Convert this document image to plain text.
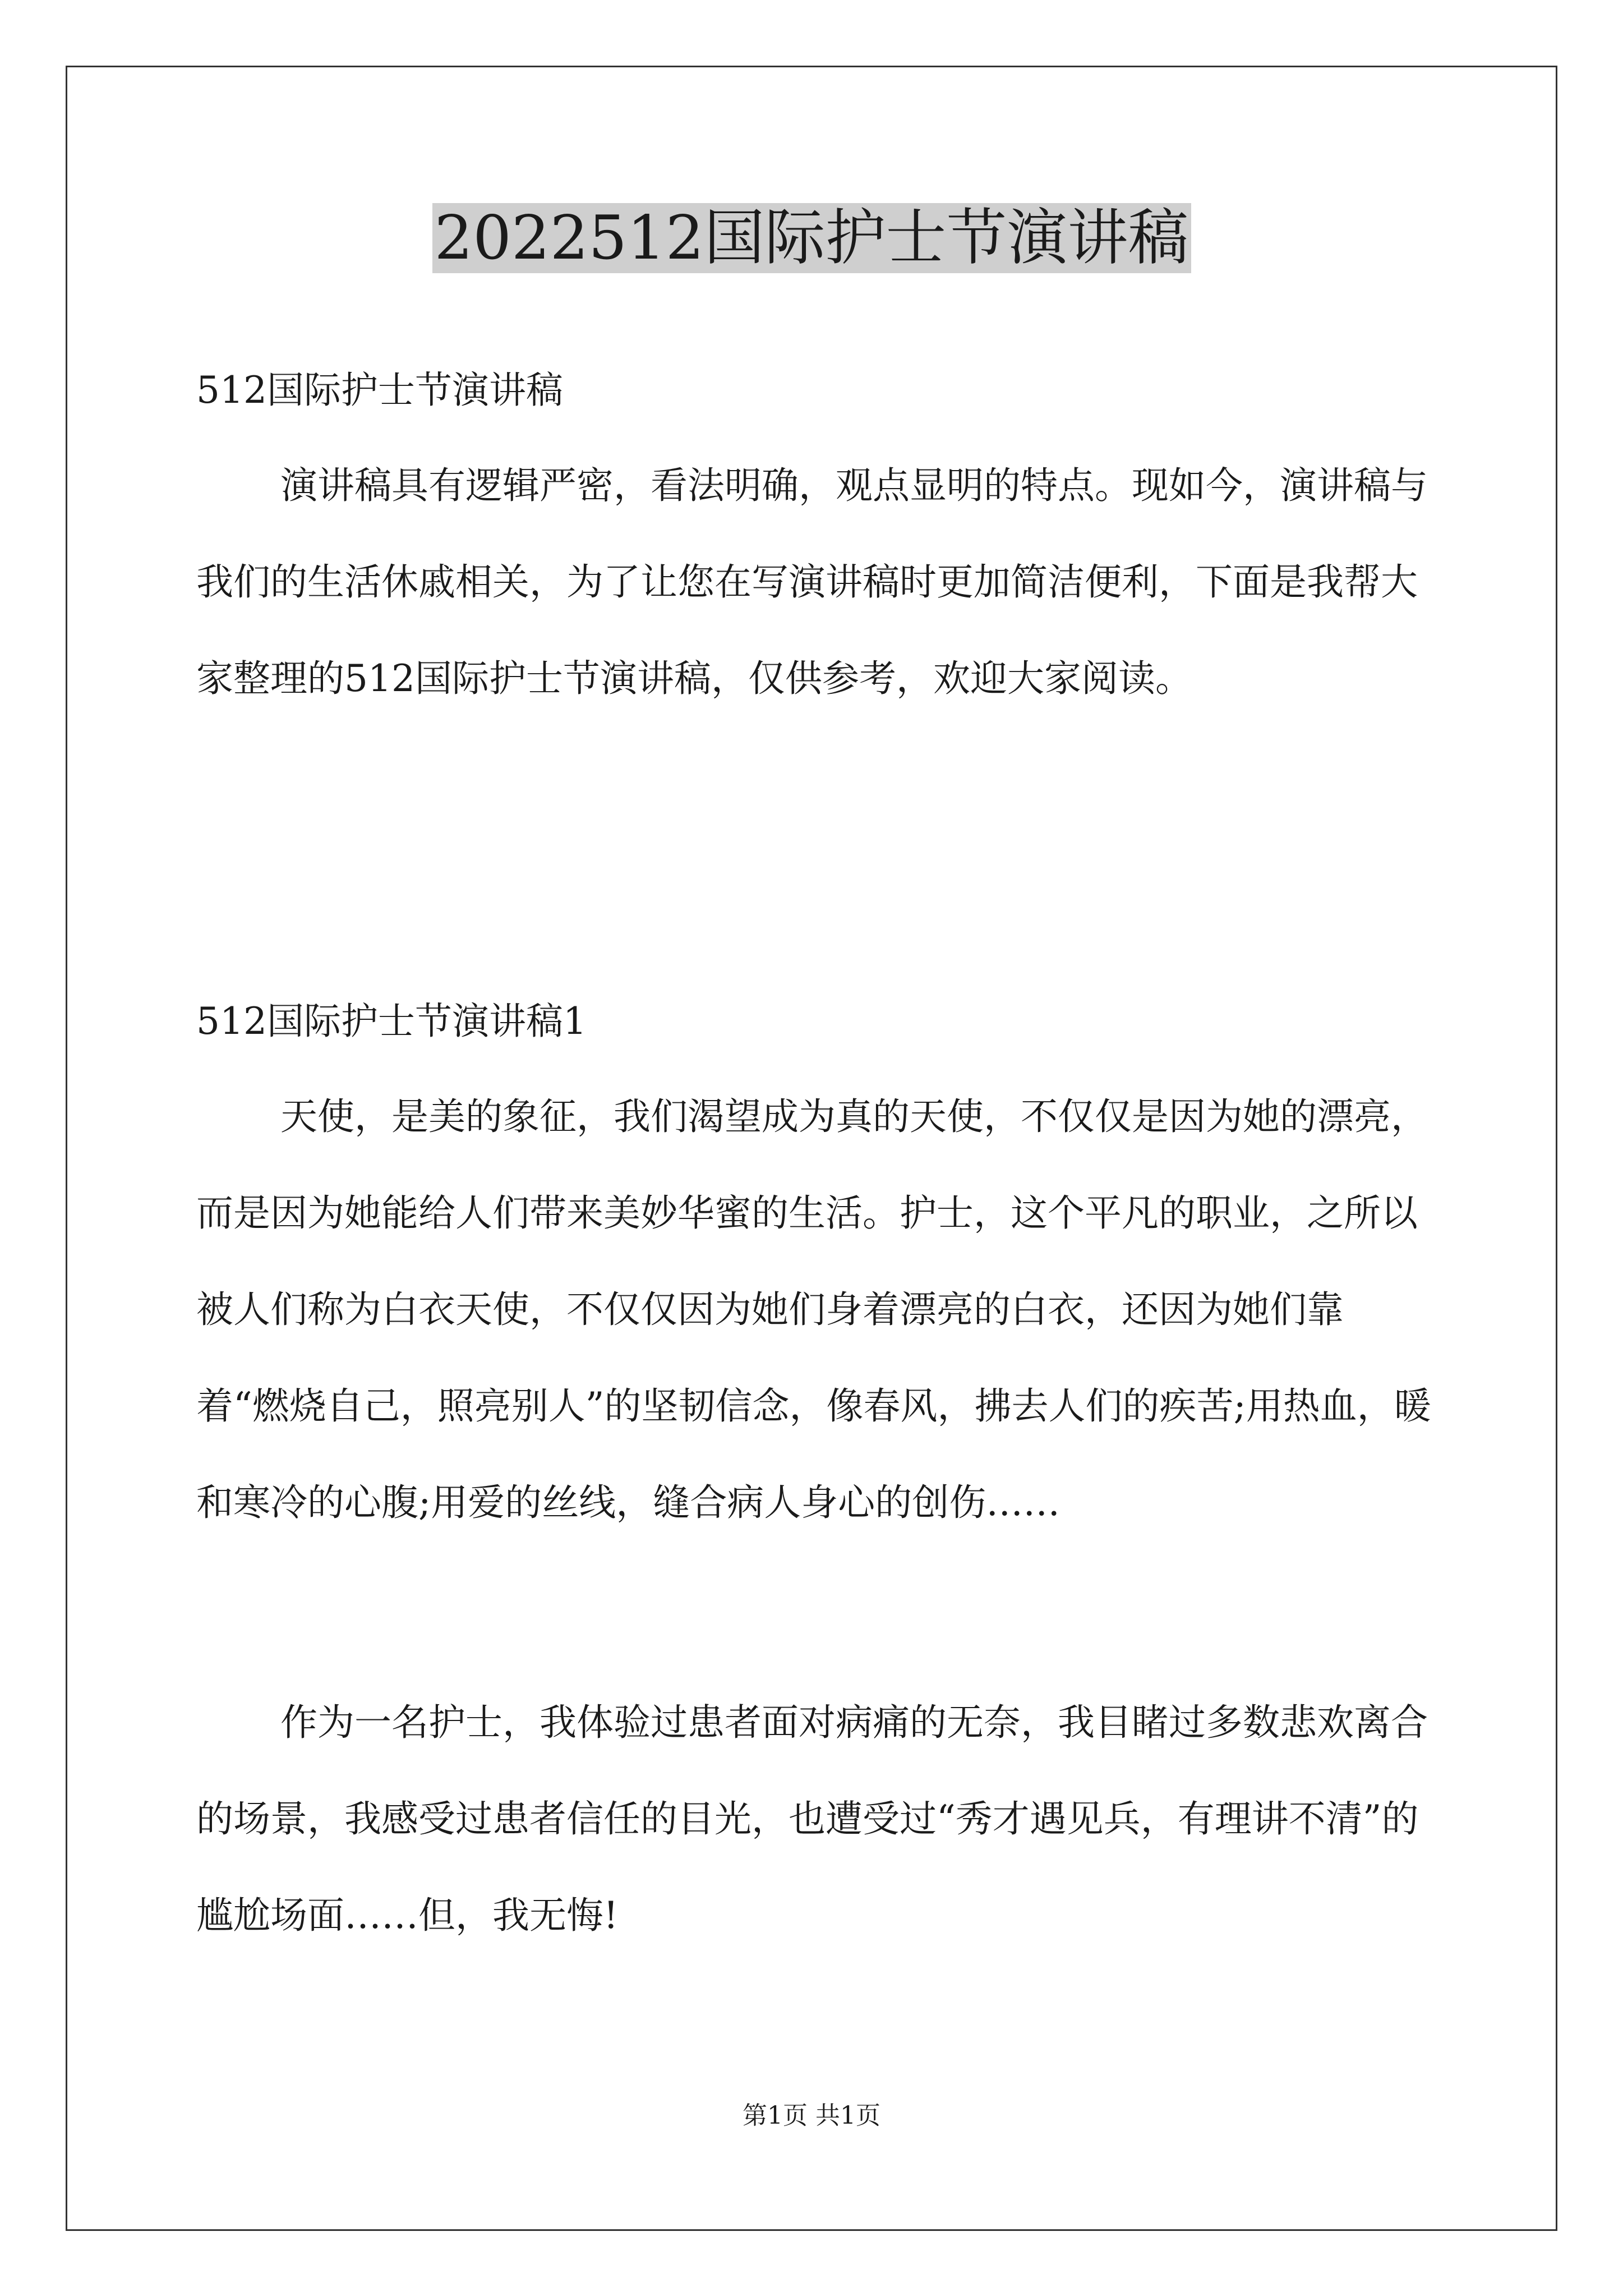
2022512国际护士节演讲稿

512国际护士节演讲稿

演讲稿具有逻辑严密，看法明确，观点显明的特点。现如今，演讲稿与我们的生活休戚相关，为了让您在写演讲稿时更加简洁便利，下面是我帮大家整理的512国际护士节演讲稿，仅供参考，欢迎大家阅读。

512国际护士节演讲稿1

天使，是美的象征，我们渴望成为真的天使，不仅仅是因为她的漂亮，而是因为她能给人们带来美妙华蜜的生活。护士，这个平凡的职业，之所以被人们称为白衣天使，不仅仅因为她们身着漂亮的白衣，还因为她们靠着“燃烧自己，照亮别人”的坚韧信念，像春风，拂去人们的疾苦;用热血，暖和寒冷的心腹;用爱的丝线，缝合病人身心的创伤……

作为一名护士，我体验过患者面对病痛的无奈，我目睹过多数悲欢离合的场景，我感受过患者信任的目光，也遭受过“秀才遇见兵，有理讲不清”的尴尬场面……但，我无悔!

第1页 共1页
